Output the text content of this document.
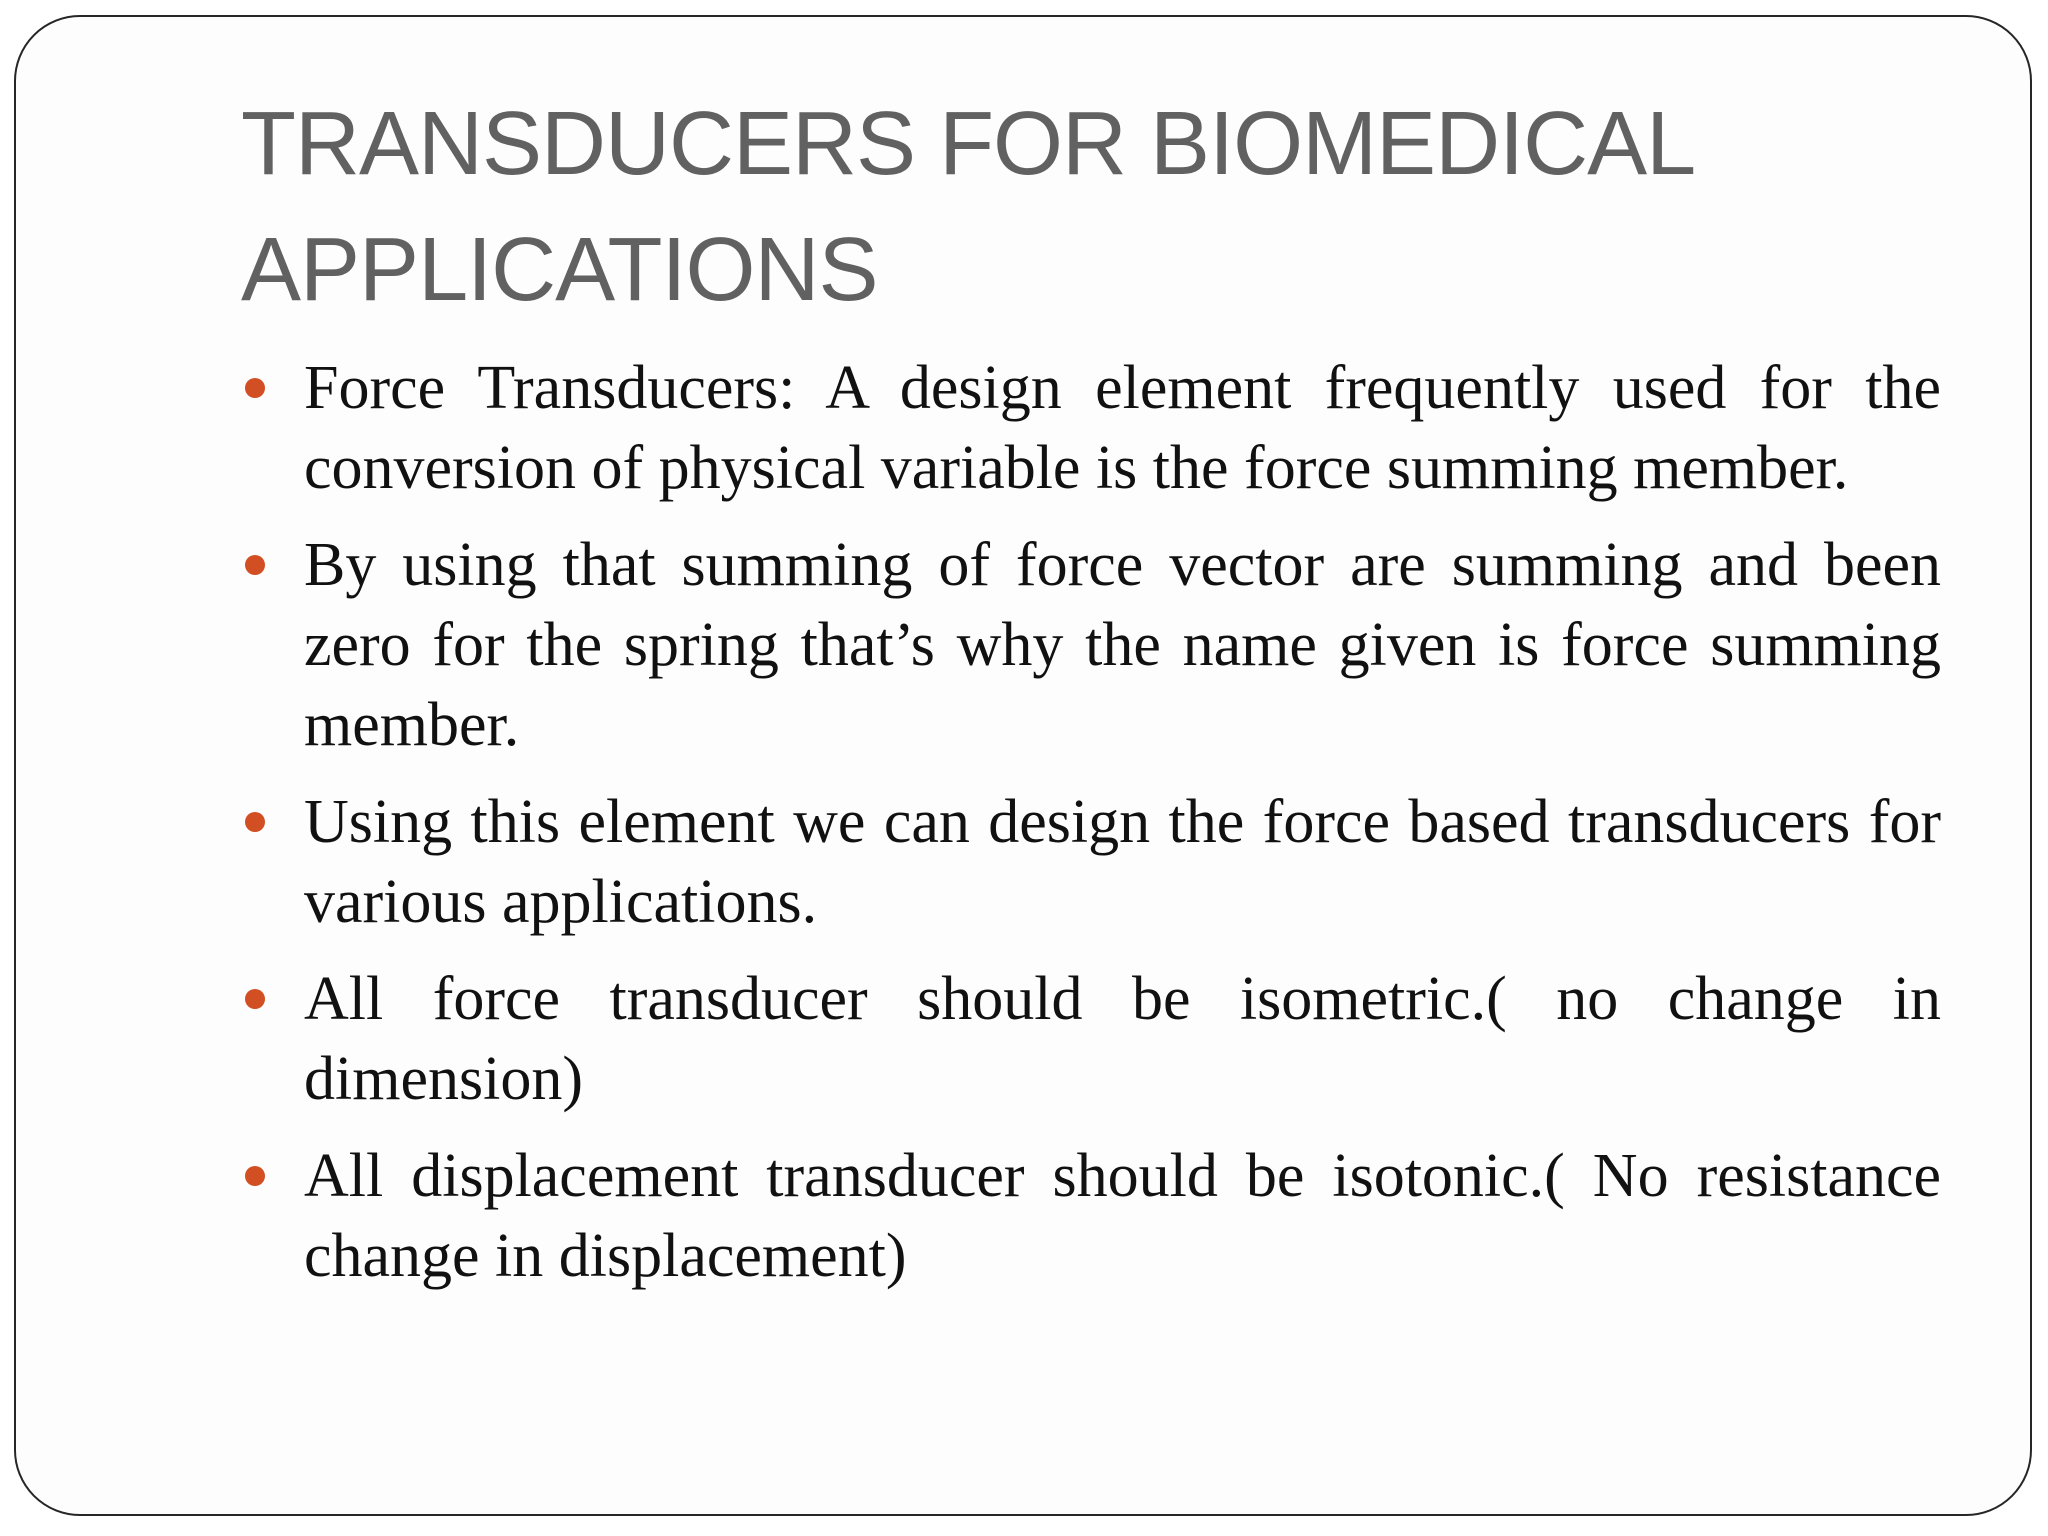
TRANSDUCERS FOR BIOMEDICAL APPLICATIONS
Force Transducers: A design element frequently used for the conversion of physical variable is the force summing member.
By using that summing of force vector are summing and been zero for the spring that’s why the name given is force summing member.
Using this element we can design the force based transducers for various applications.
All force transducer should be isometric.( no change in dimension)
All displacement transducer should be isotonic.( No resistance change in displacement)
